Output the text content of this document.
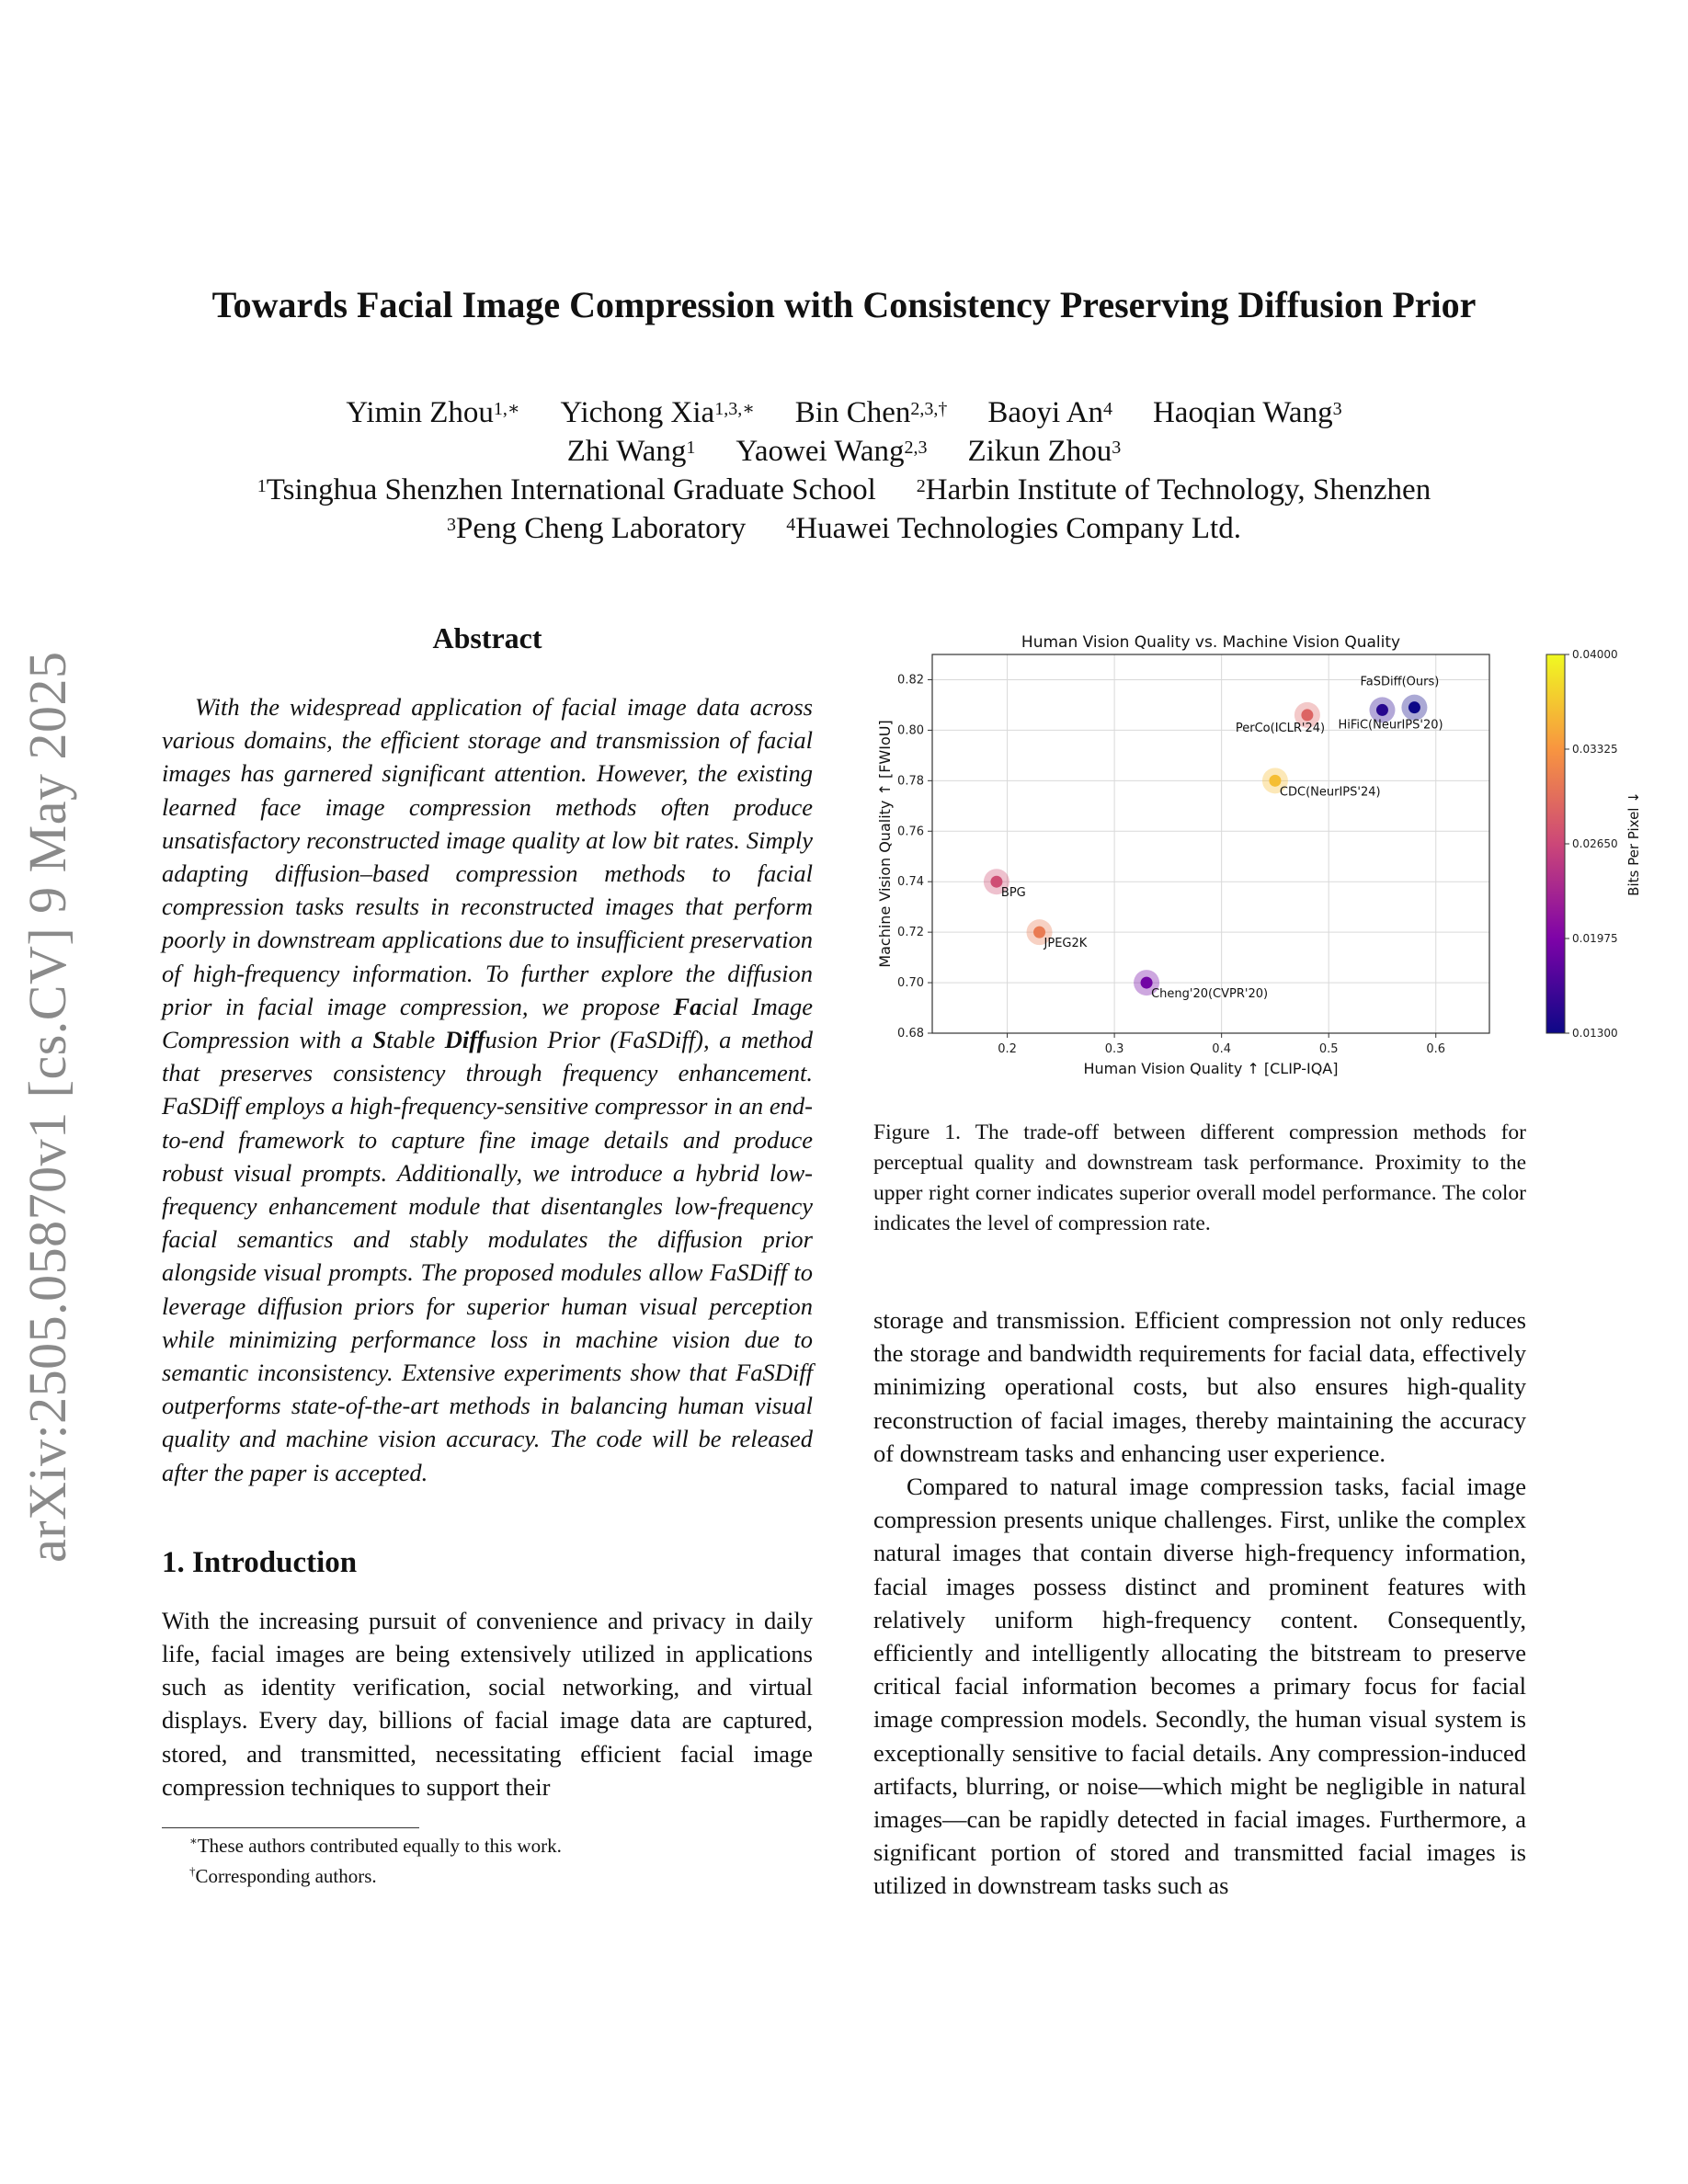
arXiv:2505.05870v1 [cs.CV] 9 May 2025
Towards Facial Image Compression with Consistency Preserving Diffusion Prior
Yimin Zhou$^{1,∗}$ Yichong Xia$^{1,3,∗}$ Bin Chen$^{2,3,\dagger}$ Baoyi An$^4$ Haoqian Wang$^3$
Zhi Wang$^1$ Yaowei Wang$^{2,3}$ Zikun Zhou$^3$
$^1$Tsinghua Shenzhen International Graduate School $^2$Harbin Institute of Technology, Shenzhen
$^3$Peng Cheng Laboratory $^4$Huawei Technologies Company Ltd.
Abstract

With the widespread application of facial image data across various domains, the efficient storage and transmission of facial images has garnered significant attention. However, the existing learned face image compression methods often produce unsatisfactory reconstructed image quality at low bit rates. Simply adapting diffusion–based compression methods to facial compression tasks results in reconstructed images that perform poorly in downstream applications due to insufficient preservation of high-frequency information. To further explore the diffusion prior in facial image compression, we propose Facial Image Compression with a Stable Diffusion Prior (FaSDiff), a method that preserves consistency through frequency enhancement. FaSDiff employs a high-frequency-sensitive compressor in an end-to-end framework to capture fine image details and produce robust visual prompts. Additionally, we introduce a hybrid low-frequency enhancement module that disentangles low-frequency facial semantics and stably modulates the diffusion prior alongside visual prompts. The proposed modules allow FaSDiff to leverage diffusion priors for superior human visual perception while minimizing performance loss in machine vision due to semantic inconsistency. Extensive experiments show that FaSDiff outperforms state-of-the-art methods in balancing human visual quality and machine vision accuracy. The code will be released after the paper is accepted.

1. Introduction

With the increasing pursuit of convenience and privacy in daily life, facial images are being extensively utilized in applications such as identity verification, social networking, and virtual displays. Every day, billions of facial image data are captured, stored, and transmitted, necessitating efficient facial image compression techniques to support their

∗These authors contributed equally to this work.
†Corresponding authors.
0.2	0.3	0.4	0.5	0.6
0.68
0.70
0.72
0.74
0.76
0.78
0.80
0.82
Human Vision Quality vs. Machine Vision Quality
Human Vision Quality ↑ [CLIP-IQA]
Machine Vision Quality ↑ [FWIoU]
FaSDiff(Ours)
HiFiC(NeurIPS'20)
PerCo(ICLR'24)
CDC(NeurIPS'24)
BPG
JPEG2K
Cheng'20(CVPR'20)
0.04000
0.03325
0.02650
0.01975
0.01300
Bits Per Pixel ↓
Figure 1. The trade-off between different compression methods for perceptual quality and downstream task performance. Proximity to the upper right corner indicates superior overall model performance. The color indicates the level of compression rate.

storage and transmission. Efficient compression not only reduces the storage and bandwidth requirements for facial data, effectively minimizing operational costs, but also ensures high-quality reconstruction of facial images, thereby maintaining the accuracy of downstream tasks and enhancing user experience.

Compared to natural image compression tasks, facial image compression presents unique challenges. First, unlike the complex natural images that contain diverse high-frequency information, facial images possess distinct and prominent features with relatively uniform high-frequency content. Consequently, efficiently and intelligently allocating the bitstream to preserve critical facial information becomes a primary focus for facial image compression models. Secondly, the human visual system is exceptionally sensitive to facial details. Any compression-induced artifacts, blurring, or noise—which might be negligible in natural images—can be rapidly detected in facial images. Furthermore, a significant portion of stored and transmitted facial images is utilized in downstream tasks such as
